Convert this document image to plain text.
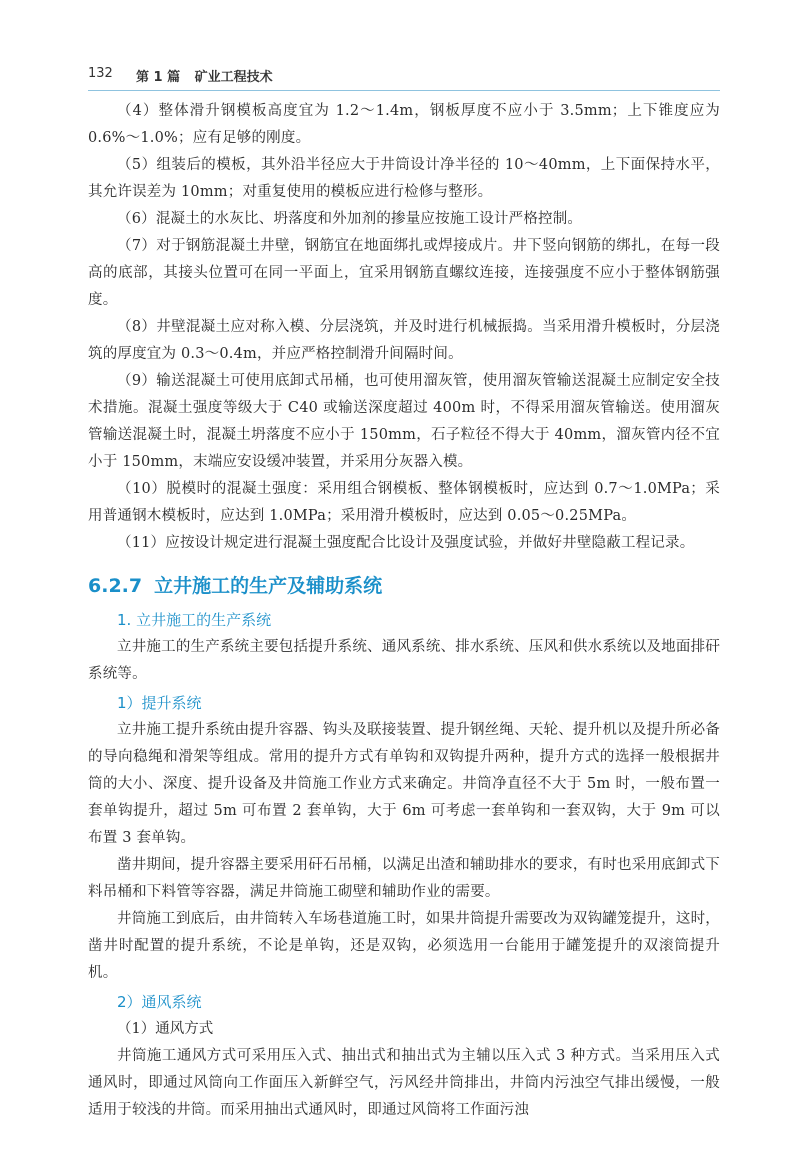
132 第 1 篇 矿业工程技术

（4）整体滑升钢模板高度宜为 1.2～1.4m，钢板厚度不应小于 3.5mm；上下锥度应为 0.6%～1.0%；应有足够的刚度。

（5）组装后的模板，其外沿半径应大于井筒设计净半径的 10～40mm，上下面保持水平，其允许误差为 10mm；对重复使用的模板应进行检修与整形。

（6）混凝土的水灰比、坍落度和外加剂的掺量应按施工设计严格控制。

（7）对于钢筋混凝土井壁，钢筋宜在地面绑扎或焊接成片。井下竖向钢筋的绑扎，在每一段高的底部，其接头位置可在同一平面上，宜采用钢筋直螺纹连接，连接强度不应小于整体钢筋强度。

（8）井壁混凝土应对称入模、分层浇筑，并及时进行机械振捣。当采用滑升模板时，分层浇筑的厚度宜为 0.3～0.4m，并应严格控制滑升间隔时间。

（9）输送混凝土可使用底卸式吊桶，也可使用溜灰管，使用溜灰管输送混凝土应制定安全技术措施。混凝土强度等级大于 C40 或输送深度超过 400m 时，不得采用溜灰管输送。使用溜灰管输送混凝土时，混凝土坍落度不应小于 150mm，石子粒径不得大于 40mm，溜灰管内径不宜小于 150mm，末端应安设缓冲装置，并采用分灰器入模。

（10）脱模时的混凝土强度：采用组合钢模板、整体钢模板时，应达到 0.7～1.0MPa；采用普通钢木模板时，应达到 1.0MPa；采用滑升模板时，应达到 0.05～0.25MPa。

（11）应按设计规定进行混凝土强度配合比设计及强度试验，并做好井壁隐蔽工程记录。

6.2.7 立井施工的生产及辅助系统
1. 立井施工的生产系统

立井施工的生产系统主要包括提升系统、通风系统、排水系统、压风和供水系统以及地面排矸系统等。

1）提升系统

立井施工提升系统由提升容器、钩头及联接装置、提升钢丝绳、天轮、提升机以及提升所必备的导向稳绳和滑架等组成。常用的提升方式有单钩和双钩提升两种，提升方式的选择一般根据井筒的大小、深度、提升设备及井筒施工作业方式来确定。井筒净直径不大于 5m 时，一般布置一套单钩提升，超过 5m 可布置 2 套单钩，大于 6m 可考虑一套单钩和一套双钩，大于 9m 可以布置 3 套单钩。

凿井期间，提升容器主要采用矸石吊桶，以满足出渣和辅助排水的要求，有时也采用底卸式下料吊桶和下料管等容器，满足井筒施工砌壁和辅助作业的需要。

井筒施工到底后，由井筒转入车场巷道施工时，如果井筒提升需要改为双钩罐笼提升，这时，凿井时配置的提升系统，不论是单钩，还是双钩，必须选用一台能用于罐笼提升的双滚筒提升机。

2）通风系统

（1）通风方式

井筒施工通风方式可采用压入式、抽出式和抽出式为主辅以压入式 3 种方式。当采用压入式通风时，即通过风筒向工作面压入新鲜空气，污风经井筒排出，井筒内污浊空气排出缓慢，一般适用于较浅的井筒。而采用抽出式通风时，即通过风筒将工作面污浊
